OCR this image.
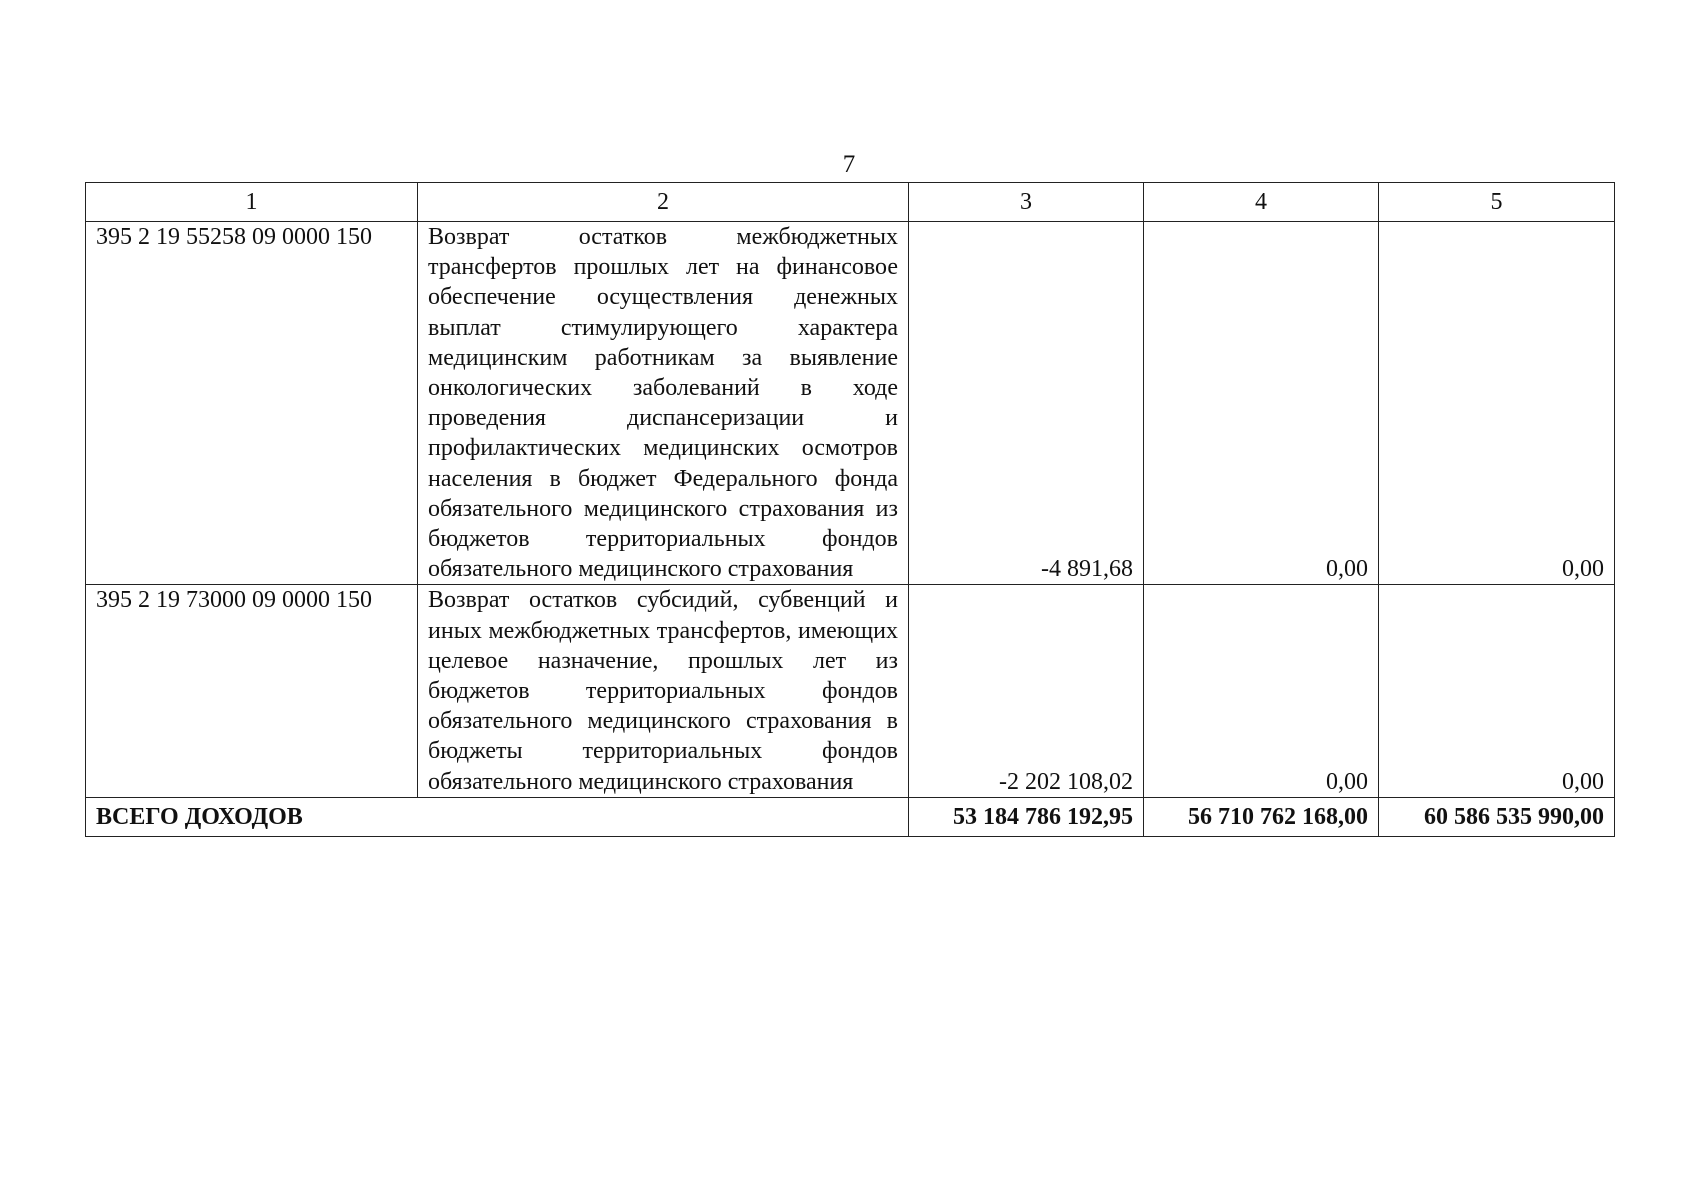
7
1	2	3	4	5
395 2 19 55258 09 0000 150	Возврат остатков межбюджетных трансфертов прошлых лет на финансовое обеспечение осуществления денежных выплат стимулирующего характера медицинским работникам за выявление онкологических заболеваний в ходе проведения диспансеризации и профилактических медицинских осмотров населения в бюджет Федерального фонда обязательного медицинского страхования из бюджетов территориальных фондов обязательного медицинского страхования	-4 891,68	0,00	0,00
395 2 19 73000 09 0000 150	Возврат остатков субсидий, субвенций и иных межбюджетных трансфертов, имеющих целевое назначение, прошлых лет из бюджетов территориальных фондов обязательного медицинского страхования в бюджеты территориальных фондов обязательного медицинского страхования	-2 202 108,02	0,00	0,00
ВСЕГО ДОХОДОВ		53 184 786 192,95	56 710 762 168,00	60 586 535 990,00
